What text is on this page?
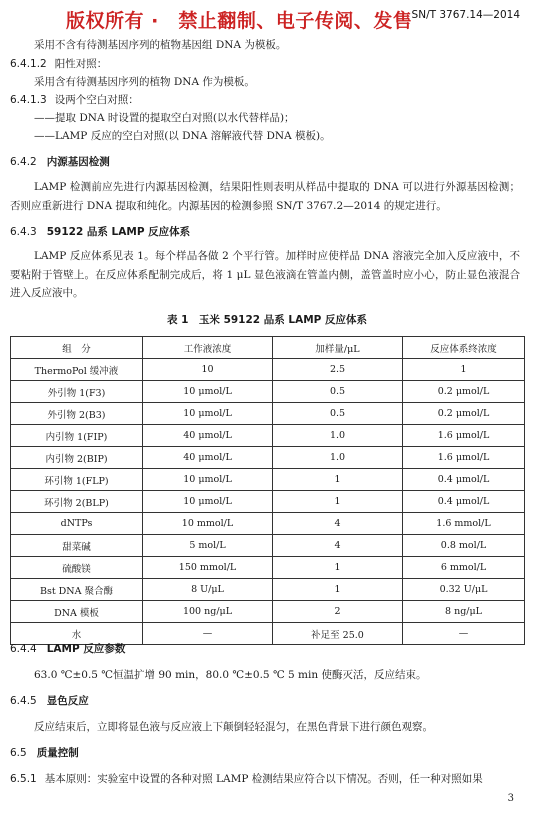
版权所有 ·　禁止翻制、电子传阅、发售 SN/T 3767.14—2014
采用不含有待测基因序列的植物基因组 DNA 为模板。
6.4.1.2 阳性对照：
采用含有待测基因序列的植物 DNA 作为模板。
6.4.1.3 设两个空白对照：
——提取 DNA 时设置的提取空白对照(以水代替样品)；
——LAMP 反应的空白对照(以 DNA 溶解液代替 DNA 模板)。
6.4.2 内源基因检测
LAMP 检测前应先进行内源基因检测，结果阳性则表明从样品中提取的 DNA 可以进行外源基因检测；否则应重新进行 DNA 提取和纯化。内源基因的检测参照 SN/T 3767.2—2014 的规定进行。
6.4.3 59122 品系 LAMP 反应体系
LAMP 反应体系见表 1。每个样品各做 2 个平行管。加样时应使样品 DNA 溶液完全加入反应液中，不要粘附于管壁上。在反应体系配制完成后，将 1 μL 显色液滴在管盖内侧，盖管盖时应小心，防止显色液混合进入反应液中。
表 1　玉米 59122 品系 LAMP 反应体系
组　分	工作液浓度	加样量/μL	反应体系终浓度
ThermoPol 缓冲液	10	2.5	1
外引物 1(F3)	10 μmol/L	0.5	0.2 μmol/L
外引物 2(B3)	10 μmol/L	0.5	0.2 μmol/L
内引物 1(FIP)	40 μmol/L	1.0	1.6 μmol/L
内引物 2(BIP)	40 μmol/L	1.0	1.6 μmol/L
环引物 1(FLP)	10 μmol/L	1	0.4 μmol/L
环引物 2(BLP)	10 μmol/L	1	0.4 μmol/L
dNTPs	10 mmol/L	4	1.6 mmol/L
甜菜碱	5 mol/L	4	0.8 mol/L
硫酸镁	150 mmol/L	1	6 mmol/L
Bst DNA 聚合酶	8 U/μL	1	0.32 U/μL
DNA 模板	100 ng/μL	2	8 ng/μL
水	—	补足至 25.0	—
6.4.4 LAMP 反应参数
63.0 ℃±0.5 ℃恒温扩增 90 min，80.0 ℃±0.5 ℃ 5 min 使酶灭活，反应结束。
6.4.5 显色反应
反应结束后，立即将显色液与反应液上下颠倒轻轻混匀，在黑色背景下进行颜色观察。
6.5 质量控制
6.5.1 基本原则：实验室中设置的各种对照 LAMP 检测结果应符合以下情况。否则，任一种对照如果
3
